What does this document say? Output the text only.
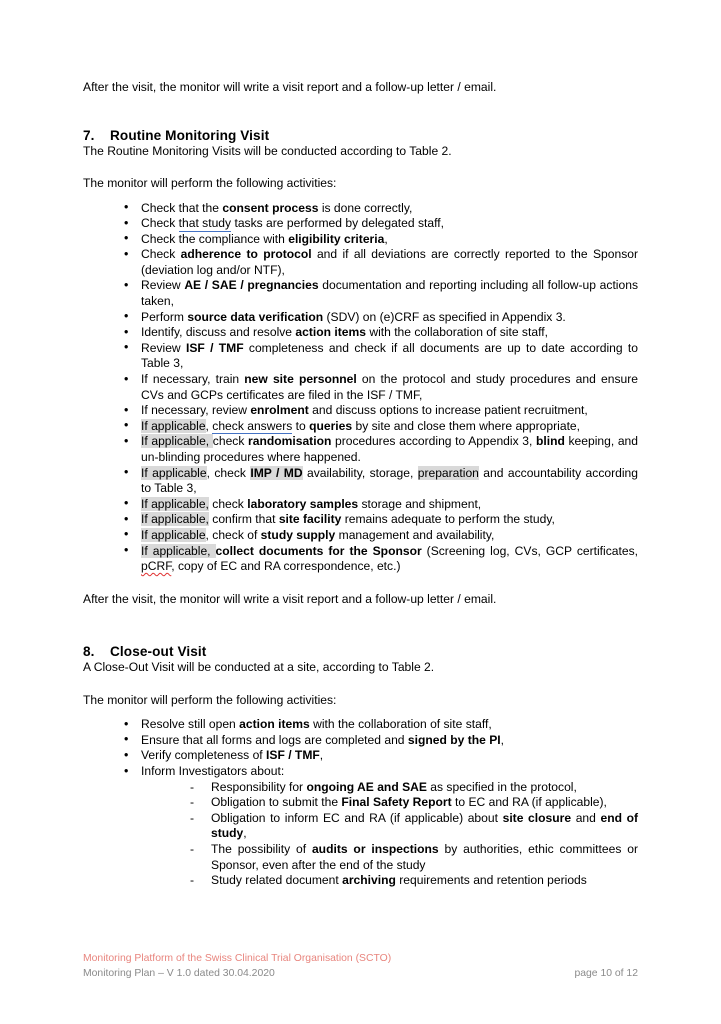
After the visit, the monitor will write a visit report and a follow-up letter / email.

7. Routine Monitoring Visit

The Routine Monitoring Visits will be conducted according to Table 2.

The monitor will perform the following activities:

• Check that the consent process is done correctly,
• Check that study tasks are performed by delegated staff,
• Check the compliance with eligibility criteria,
• Check adherence to protocol and if all deviations are correctly reported to the Sponsor (deviation log and/or NTF),
• Review AE / SAE / pregnancies documentation and reporting including all follow-up actions taken,
• Perform source data verification (SDV) on (e)CRF as specified in Appendix 3.
• Identify, discuss and resolve action items with the collaboration of site staff,
• Review ISF / TMF completeness and check if all documents are up to date according to Table 3,
• If necessary, train new site personnel on the protocol and study procedures and ensure CVs and GCPs certificates are filed in the ISF / TMF,
• If necessary, review enrolment and discuss options to increase patient recruitment,
• If applicable, check answers to queries by site and close them where appropriate,
• If applicable, check randomisation procedures according to Appendix 3, blind keeping, and un-blinding procedures where happened.
• If applicable, check IMP / MD availability, storage, preparation and accountability according to Table 3,
• If applicable, check laboratory samples storage and shipment,
• If applicable, confirm that site facility remains adequate to perform the study,
• If applicable, check of study supply management and availability,
• If applicable, collect documents for the Sponsor (Screening log, CVs, GCP certificates, pCRF, copy of EC and RA correspondence, etc.)

After the visit, the monitor will write a visit report and a follow-up letter / email.

8. Close-out Visit

A Close-Out Visit will be conducted at a site, according to Table 2.

The monitor will perform the following activities:

• Resolve still open action items with the collaboration of site staff,
• Ensure that all forms and logs are completed and signed by the PI,
• Verify completeness of ISF / TMF,
• Inform Investigators about:
- Responsibility for ongoing AE and SAE as specified in the protocol,
- Obligation to submit the Final Safety Report to EC and RA (if applicable),
- Obligation to inform EC and RA (if applicable) about site closure and end of study,
- The possibility of audits or inspections by authorities, ethic committees or Sponsor, even after the end of the study
- Study related document archiving requirements and retention periods
Monitoring Platform of the Swiss Clinical Trial Organisation (SCTO)
Monitoring Plan – V 1.0 dated 30.04.2020	page 10 of 12
